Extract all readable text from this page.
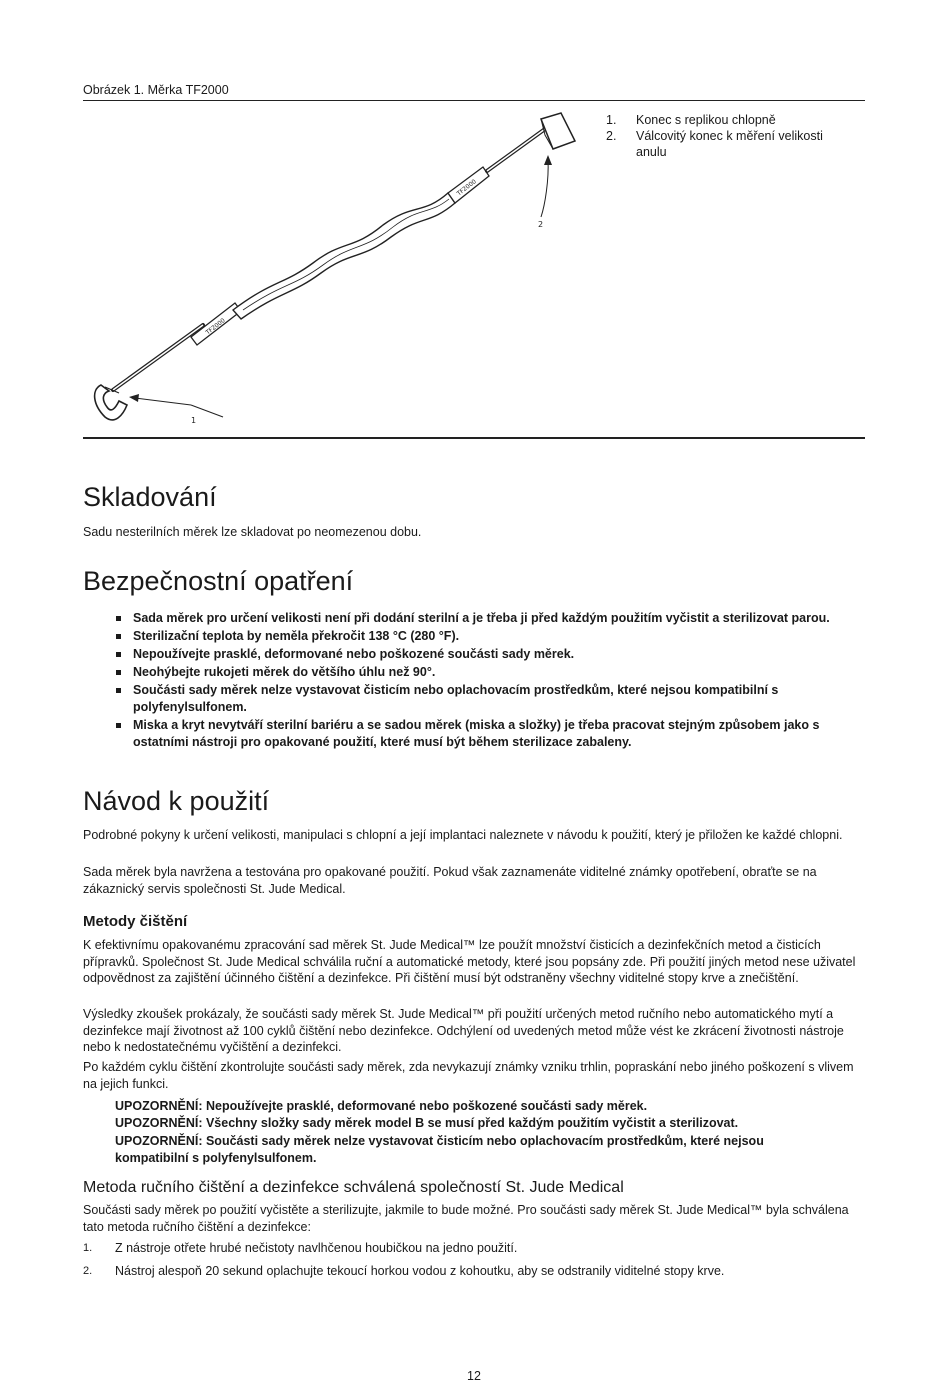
Obrázek 1. Měrka TF2000
TF2000
TF2000
1
2
1. Konec s replikou chlopně
2. Válcovitý konec k měření velikosti anulu
Skladování

Sadu nesterilních měrek lze skladovat po neomezenou dobu.

Bezpečnostní opatření
Sada měrek pro určení velikosti není při dodání sterilní a je třeba ji před každým použitím vyčistit a sterilizovat parou.
Sterilizační teplota by neměla překročit 138 °C (280 °F).
Nepoužívejte prasklé, deformované nebo poškozené součásti sady měrek.
Neohýbejte rukojeti měrek do většího úhlu než 90°.
Součásti sady měrek nelze vystavovat čisticím nebo oplachovacím prostředkům, které nejsou kompatibilní s polyfenylsulfonem.
Miska a kryt nevytváří sterilní bariéru a se sadou měrek (miska a složky) je třeba pracovat stejným způsobem jako s ostatními nástroji pro opakované použití, které musí být během sterilizace zabaleny.
Návod k použití

Podrobné pokyny k určení velikosti, manipulaci s chlopní a její implantaci naleznete v návodu k použití, který je přiložen ke každé chlopni.

Sada měrek byla navržena a testována pro opakované použití. Pokud však zaznamenáte viditelné známky opotřebení, obraťte se na zákaznický servis společnosti St. Jude Medical.

Metody čištění

K efektivnímu opakovanému zpracování sad měrek St. Jude Medical™ lze použít množství čisticích a dezinfekčních metod a čisticích přípravků. Společnost St. Jude Medical schválila ruční a automatické metody, které jsou popsány zde. Při použití jiných metod nese uživatel odpovědnost za zajištění účinného čištění a dezinfekce. Při čištění musí být odstraněny všechny viditelné stopy krve a znečištění.

Výsledky zkoušek prokázaly, že součásti sady měrek St. Jude Medical™ při použití určených metod ručního nebo automatického mytí a dezinfekce mají životnost až 100 cyklů čištění nebo dezinfekce. Odchýlení od uvedených metod může vést ke zkrácení životnosti nástroje nebo k nedostatečnému vyčištění a dezinfekci.

Po každém cyklu čištění zkontrolujte součásti sady měrek, zda nevykazují známky vzniku trhlin, popraskání nebo jiného poškození s vlivem na jejich funkci.

UPOZORNĚNÍ: Nepoužívejte prasklé, deformované nebo poškozené součásti sady měrek.

UPOZORNĚNÍ: Všechny složky sady měrek model B se musí před každým použitím vyčistit a sterilizovat.

UPOZORNĚNÍ: Součásti sady měrek nelze vystavovat čisticím nebo oplachovacím prostředkům, které nejsou kompatibilní s polyfenylsulfonem.

Metoda ručního čištění a dezinfekce schválená společností St. Jude Medical

Součásti sady měrek po použití vyčistěte a sterilizujte, jakmile to bude možné. Pro součásti sady měrek St. Jude Medical™ byla schválena tato metoda ručního čištění a dezinfekce:

1. Z nástroje otřete hrubé nečistoty navlhčenou houbičkou na jedno použití.
2. Nástroj alespoň 20 sekund oplachujte tekoucí horkou vodou z kohoutku, aby se odstranily viditelné stopy krve.
12
